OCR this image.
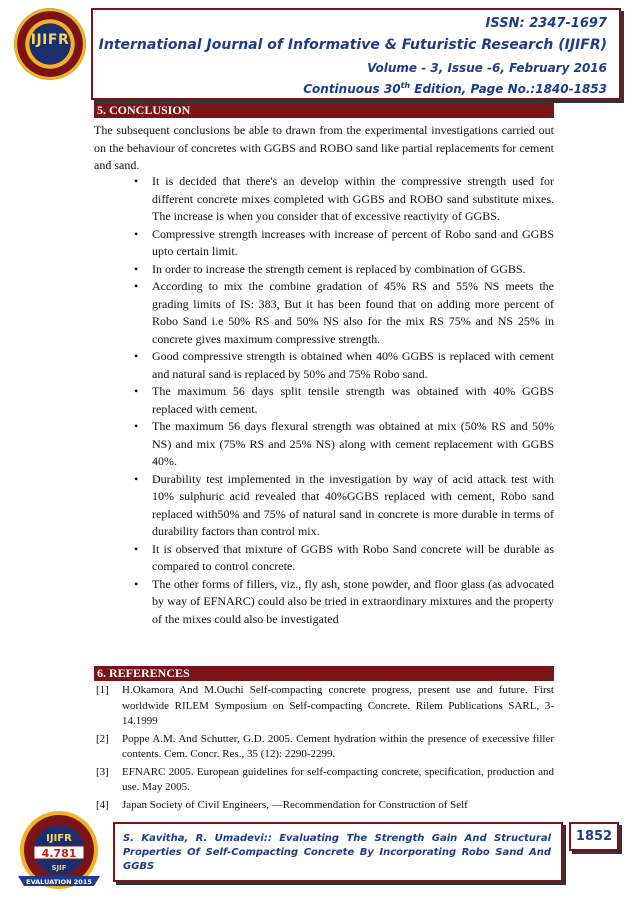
IJIFR
ISSN: 2347-1697
International Journal of Informative & Futuristic Research (IJIFR)
Volume - 3, Issue -6, February 2016
Continuous 30th Edition, Page No.:1840-1853
5. CONCLUSION
The subsequent conclusions be able to drawn from the experimental investigations carried out on the behaviour of concretes with GGBS and ROBO sand like partial replacements for cement and sand.
• It is decided that there's an develop within the compressive strength used for different concrete mixes completed with GGBS and ROBO sand substitute mixes. The increase is when you consider that of excessive reactivity of GGBS.
• Compressive strength increases with increase of percent of Robo sand and GGBS upto certain limit.
• In order to increase the strength cement is replaced by combination of GGBS.
• According to mix the combine gradation of 45% RS and 55% NS meets the grading limits of IS: 383, But it has been found that on adding more percent of Robo Sand i.e 50% RS and 50% NS also for the mix RS 75% and NS 25% in concrete gives maximum compressive strength.
• Good compressive strength is obtained when 40% GGBS is replaced with cement and natural sand is replaced by 50% and 75% Robo sand.
• The maximum 56 days split tensile strength was obtained with 40% GGBS replaced with cement.
• The maximum 56 days flexural strength was obtained at mix (50% RS and 50% NS) and mix (75% RS and 25% NS) along with cement replacement with GGBS 40%.
• Durability test implemented in the investigation by way of acid attack test with 10% sulphuric acid revealed that 40%GGBS replaced with cement, Robo sand replaced with50% and 75% of natural sand in concrete is more durable in terms of durability factors than control mix.
• It is observed that mixture of GGBS with Robo Sand concrete will be durable as compared to control concrete.
• The other forms of fillers, viz., fly ash, stone powder, and floor glass (as advocated by way of EFNARC) could also be tried in extraordinary mixtures and the property of the mixes could also be investigated
6. REFERENCES
[1] H.Okamora And M.Ouchi Self-compacting concrete progress, present use and future. First worldwide RILEM Symposium on Self-compacting Concrete. Rilem Publications SARL, 3-14.1999
[2] Poppe A.M. And Schutter, G.D. 2005. Cement hydration within the presence of execessive filler contents. Cem. Concr. Res., 35 (12): 2290-2299.
[3] EFNARC 2005. European guidelines for self-compacting concrete, specification, production and use. May 2005.
[4] Japan Society of Civil Engineers, ―Recommendation for Construction of Self
IJIFR
4.781
SJIF
EVALUATION 2015
S. Kavitha, R. Umadevi:: Evaluating The Strength Gain And Structural Properties Of Self-Compacting Concrete By Incorporating Robo Sand And GGBS
1852
